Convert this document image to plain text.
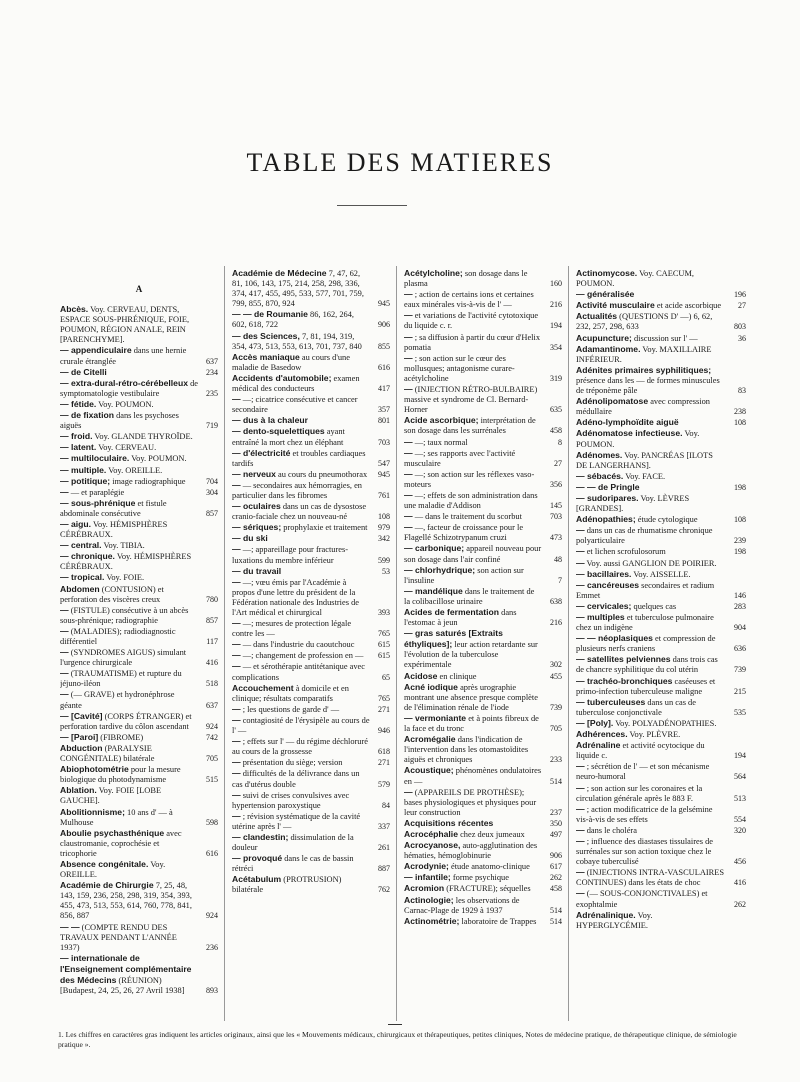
TABLE DES MATIERES
A
Abcès. Voy. CERVEAU, DENTS, ESPACE SOUS-PHRÉNIQUE, FOIE, POUMON, RÉGION ANALE, REIN [PARENCHYME].
— appendiculaire dans une hernie crurale étranglée	637
— de Citelli	234
— extra-dural-rétro-cérébelleux de symptomatologie vestibulaire	235
— fétide. Voy. POUMON.
— de fixation dans les psychoses aiguës	719
— froid. Voy. GLANDE THYROÏDE.
— latent. Voy. CERVEAU.
— multiloculaire. Voy. POUMON.
— multiple. Voy. OREILLE.
— potitique; image radiographique	704
— — et paraplégie	304
— sous-phrénique et fistule abdominale consécutive	857
— aigu. Voy. HÉMISPHÈRES CÉRÉBRAUX.
— central. Voy. TIBIA.
— chronique. Voy. HÉMISPHÈRES CÉRÉBRAUX.
— tropical. Voy. FOIE.
Abdomen (CONTUSION) et perforation des viscères creux	780
— (FISTULE) consécutive à un abcès sous-phrénique; radiographie	857
— (MALADIES); radiodiagnostic différentiel	117
— (SYNDROMES AIGUS) simulant l'urgence chirurgicale	416
— (TRAUMATISME) et rupture du jéjuno-iléon	518
— (— GRAVE) et hydronéphrose géante	637
— [Cavité] (CORPS ÉTRANGER) et perforation tardive du côlon ascendant	924
— [Paroi] (FIBROME)	742
Abduction (PARALYSIE CONGÉNITALE) bilatérale	705
Abiophotométrie pour la mesure biologique du photodynamisme	515
Ablation. Voy. FOIE [LOBE GAUCHE].
Abolitionnisme; 10 ans d' — à Mulhouse	598
Aboulie psychasthénique avec claustromanie, coprochésie et tricophorie	616
Absence congénitale. Voy. OREILLE.
Académie de Chirurgie 7, 25, 48, 143, 159, 236, 258, 298, 319, 354, 393, 455, 473, 513, 553, 614, 760, 778, 841, 856, 887	924
— — (COMPTE RENDU DES TRAVAUX PENDANT L'ANNÉE 1937)	236
— internationale de l'Enseignement complémentaire des Médecins (RÉUNION) [Budapest, 24, 25, 26, 27 Avril 1938]	893
Académie de Médecine 7, 47, 62, 81, 106, 143, 175, 214, 258, 298, 336, 374, 417, 455, 495, 533, 577, 701, 759, 799, 855, 870, 924	945
— — de Roumanie 86, 162, 264, 602, 618, 722	906
— des Sciences, 7, 81, 194, 319, 354, 473, 513, 553, 613, 701, 737, 840	855
Accès maniaque au cours d'une maladie de Basedow	616
Accidents d'automobile; examen médical des conducteurs	417
— —; cicatrice consécutive et cancer secondaire	357
— dus à la chaleur	801
— dento-squelettiques ayant entraîné la mort chez un éléphant	703
— d'électricité et troubles cardiaques tardifs	547
— nerveux au cours du pneumothorax	945
— — secondaires aux hémorragies, en particulier dans les fibromes	761
— oculaires dans un cas de dysostose cranio-faciale chez un nouveau-né	108
— sériques; prophylaxie et traitement	979
— du ski	342
— —; appareillage pour fractures-luxations du membre inférieur	599
— du travail	53
— —; vœu émis par l'Académie à propos d'une lettre du président de la Fédération nationale des Industries de l'Art médical et chirurgical	393
— —; mesures de protection légale contre les —	765
— — dans l'industrie du caoutchouc	615
— —; changement de profession en —	615
— — et sérothérapie antitétanique avec complications	65
Accouchement à domicile et en clinique; résultats comparatifs	765
— ; les questions de garde d' —	271
— contagiosité de l'érysipèle au cours de l' —	946
— ; effets sur l' — du régime déchloruré au cours de la grossesse	618
— présentation du siège; version	271
— difficultés de la délivrance dans un cas d'utérus double	579
— suivi de crises convulsives avec hypertension paroxystique	84
— ; révision systématique de la cavité utérine après l' —	337
— clandestin; dissimulation de la douleur	261
— provoqué dans le cas de bassin rétréci	887
Acétabulum (PROTRUSION) bilatérale	762
Acétylcholine; son dosage dans le plasma	160
— ; action de certains ions et certaines eaux minérales vis-à-vis de l' —	216
— et variations de l'activité cytotoxique du liquide c. r.	194
— ; sa diffusion à partir du cœur d'Helix pomatia	354
— ; son action sur le cœur des mollusques; antagonisme curare-acétylcholine	319
— (INJECTION RÉTRO-BULBAIRE) massive et syndrome de Cl. Bernard-Horner	635
Acide ascorbique; interprétation de son dosage dans les surrénales	458
— —; taux normal	8
— —; ses rapports avec l'activité musculaire	27
— —; son action sur les réflexes vaso-moteurs	356
— —; effets de son administration dans une maladie d'Addison	145
— — dans le traitement du scorbut	703
— —, facteur de croissance pour le Flagellé Schizotrypanum cruzi	473
— carbonique; appareil nouveau pour son dosage dans l'air confiné	48
— chlorhydrique; son action sur l'insuline	7
— mandélique dans le traitement de la colibacillose urinaire	638
Acides de fermentation dans l'estomac à jeun	216
— gras saturés [Extraits éthyliques]; leur action retardante sur l'évolution de la tuberculose expérimentale	302
Acidose en clinique	455
Acné iodique après urographie montrant une absence presque complète de l'élimination rénale de l'iode	739
— vermoniante et à points fibreux de la face et du tronc	705
Acromégalie dans l'indication de l'intervention dans les otomastoïdites aiguës et chroniques	233
Acoustique; phénomènes ondulatoires en —	514
— (APPAREILS DE PROTHÈSE); bases physiologiques et physiques pour leur construction	237
Acquisitions récentes	350
Acrocéphalie chez deux jumeaux	497
Acrocyanose, auto-agglutination des hématies, hémoglobinurie	906
Acrodynie; étude anatomo-clinique	617
— infantile; forme psychique	262
Acromion (FRACTURE); séquelles	458
Actinologie; les observations de Carnac-Plage de 1929 à 1937	514
Actinométrie; laboratoire de Trappes	514
Actinomycose. Voy. CAECUM, POUMON.
— généralisée	196
Activité musculaire et acide ascorbique	27
Actualités (QUESTIONS D' —) 6, 62, 232, 257, 298, 633	803
Acupuncture; discussion sur l' —	36
Adamantinome. Voy. MAXILLAIRE INFÉRIEUR.
Adénites primaires syphilitiques; présence dans les — de formes minuscules de tréponème pâle	83
Adénolipomatose avec compression médullaire	238
Adéno-lymphoïdite aiguë	108
Adénomatose infectieuse. Voy. POUMON.
Adénomes. Voy. PANCRÉAS [ILOTS DE LANGERHANS].
— sébacés. Voy. FACE.
— — de Pringle	198
— sudoripares. Voy. LÈVRES [GRANDES].
Adénopathies; étude cytologique	108
— dans un cas de rhumatisme chronique polyarticulaire	239
— et lichen scrofulosorum	198
— Voy. aussi GANGLION DE POIRIER.
— bacillaires. Voy. AISSELLE.
— cancéreuses secondaires et radium Emmet	146
— cervicales; quelques cas	283
— multiples et tuberculose pulmonaire chez un indigène	904
— — néoplasiques et compression de plusieurs nerfs craniens	636
— satellites pelviennes dans trois cas de chancre syphilitique du col utérin	739
— trachéo-bronchiques caséeuses et primo-infection tuberculeuse maligne	215
— tuberculeuses dans un cas de tuberculose conjonctivale	535
— [Poly]. Voy. POLYADÉNOPATHIES.
Adhérences. Voy. PLÈVRE.
Adrénaline et activité ocytocique du liquide c.	194
— ; sécrétion de l' — et son mécanisme neuro-humoral	564
— ; son action sur les coronaires et la circulation générale après le 883 F.	513
— ; action modificatrice de la gelsémine vis-à-vis de ses effets	554
— dans le choléra	320
— ; influence des diastases tissulaires de surrénales sur son action toxique chez le cobaye tuberculisé	456
— (INJECTIONS INTRA-VASCULAIRES CONTINUES) dans les états de choc	416
— (— SOUS-CONJONCTIVALES) et exophtalmie	262
Adrénalinique. Voy. HYPERGLYCÉMIE.
1. Les chiffres en caractères gras indiquent les articles originaux, ainsi que les « Mouvements médicaux, chirurgicaux et thérapeutiques, petites cliniques, Notes de médecine pratique, de thérapeutique clinique, de sémiologie pratique ».
